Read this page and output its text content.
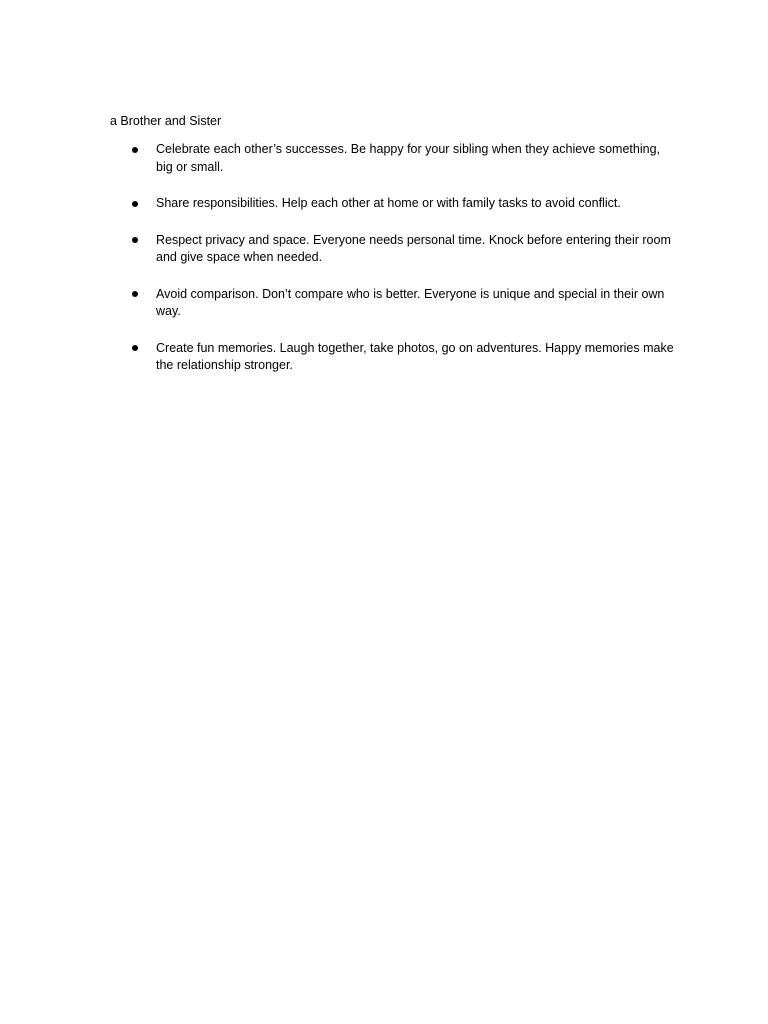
a Brother and Sister
Celebrate each other’s successes. Be happy for your sibling when they achieve something, big or small.
Share responsibilities. Help each other at home or with family tasks to avoid conflict.
Respect privacy and space. Everyone needs personal time. Knock before entering their room and give space when needed.
Avoid comparison. Don’t compare who is better. Everyone is unique and special in their own way.
Create fun memories. Laugh together, take photos, go on adventures. Happy memories make the relationship stronger.
